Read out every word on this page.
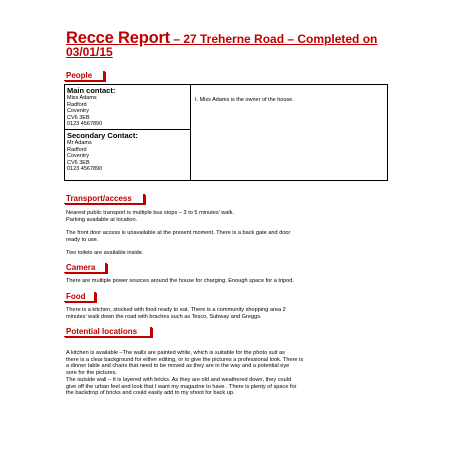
Recce Report – 27 Treherne Road – Completed on
03/01/15
People
Main contact:
Miss Adams
Radford
Coventry
CV6 3EB
0123 4567890

I. Miss Adams is the owner of the house.

Secondary Contact:
Mr Adams
Radford
Coventry
CV6 3EB
0123 4567890
Transport/access
Nearest public transport is multiple bus stops – 3 to 5 minutes’ walk.
Parking available at location.
The front door access is unavailable at the present moment. There is a back gate and door
ready to use.
Two toilets are available inside.
Camera
There are multiple power sources around the house for charging. Enough space for a tripod.
Food
There is a kitchen, stocked with food ready to eat. There is a community shopping area 2
minutes’ walk down the road with braches such as Tesco, Subway and Greggs.
Potential locations
A kitchen is available –The walls are painted white, which is suitable for the photo suit as
there is a clear background for either editing, or to give the pictures a professional look. There is
a dinner table and chairs that need to be moved as they are in the way and a potential eye
sore for the pictures.
The outside wall – It is layered with bricks. As they are old and weathered down, they could
give off the urban feel and look that I want my magazine to have . There is plenty of space for
the backdrop of bricks and could easily add to my shoot for back up.
